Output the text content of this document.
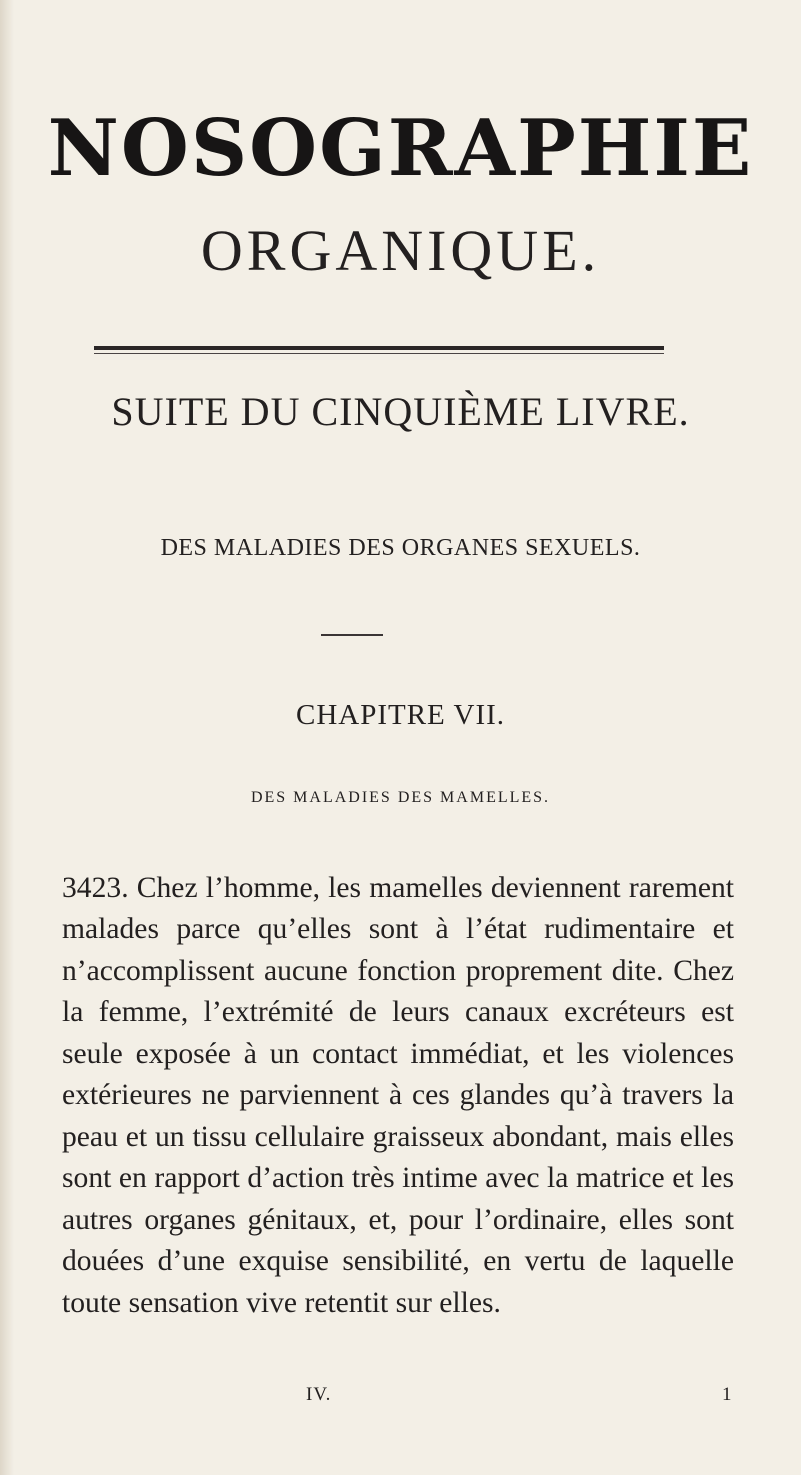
NOSOGRAPHIE
ORGANIQUE.
SUITE DU CINQUIÈME LIVRE.
DES MALADIES DES ORGANES SEXUELS.
CHAPITRE VII.
DES MALADIES DES MAMELLES.

3423. Chez l’homme, les mamelles deviennent rarement malades parce qu’elles sont à l’état rudimentaire et n’accomplissent aucune fonction proprement dite. Chez la femme, l’extrémité de leurs canaux excréteurs est seule exposée à un contact immédiat, et les violences extérieures ne parviennent à ces glandes qu’à travers la peau et un tissu cellulaire graisseux abondant, mais elles sont en rapport d’action très intime avec la matrice et les autres organes génitaux, et, pour l’ordinaire, elles sont douées d’une exquise sensibilité, en vertu de laquelle toute sensation vive retentit sur elles.

IV.	1
